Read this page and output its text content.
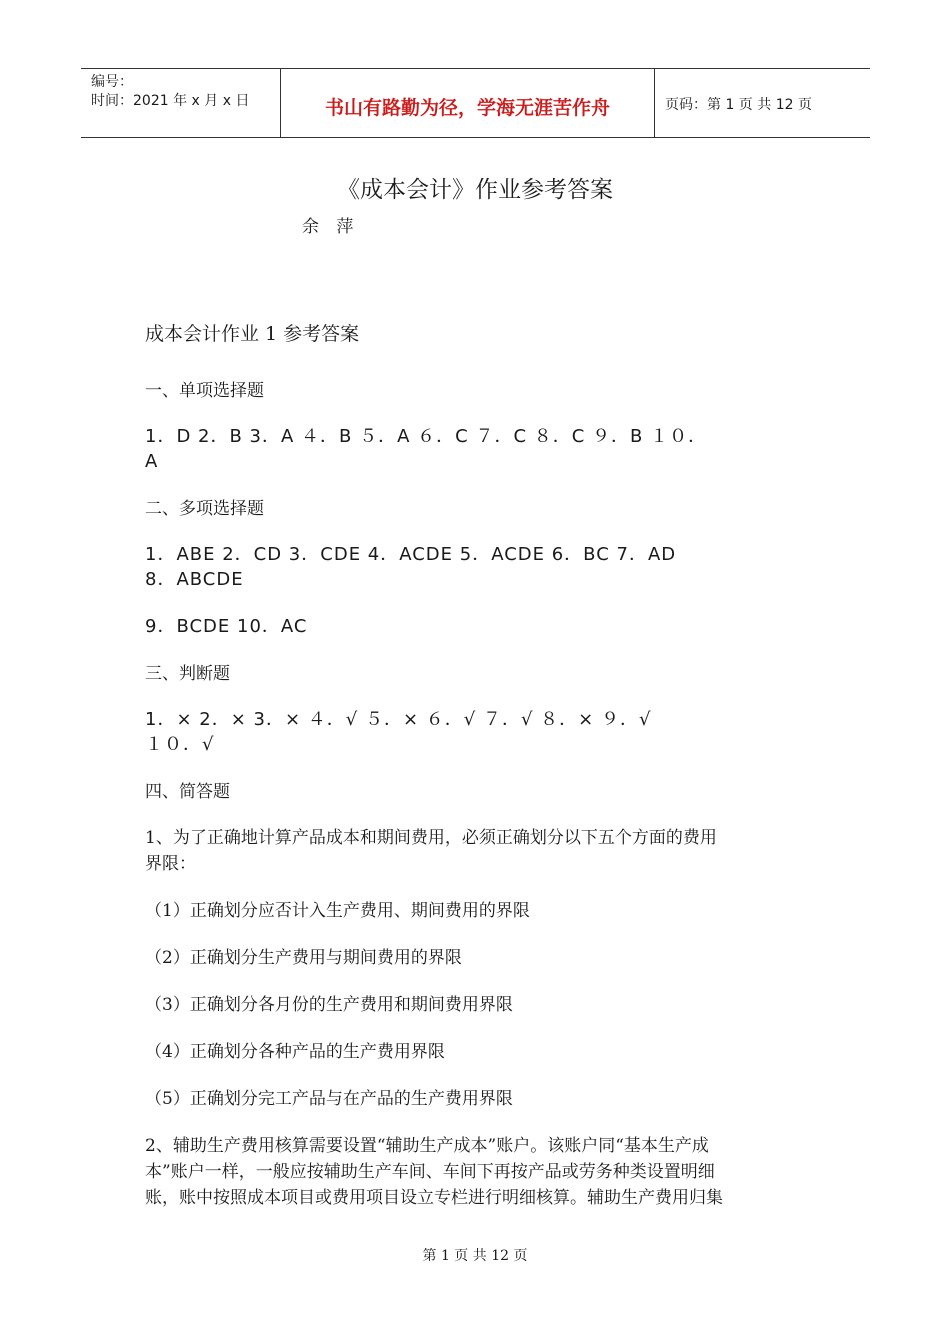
编号：
时间：2021 年 x 月 x 日	书山有路勤为径，学海无涯苦作舟	页码：第 1 页 共 12 页
《成本会计》作业参考答案
余 萍

成本会计作业 1 参考答案

一、单项选择题

1．D 2．B 3．A ４．B ５．A ６．C ７．C ８．C ９．B １０．

A

二、多项选择题

1．ABE 2．CD 3．CDE 4．ACDE 5．ACDE 6．BC 7．AD

8．ABCDE

9．BCDE 10．AC

三、判断题

1．× 2．× 3．× ４．√ ５．× ６．√ ７．√ ８．× ９．√

１０．√

四、简答题

1、为了正确地计算产品成本和期间费用，必须正确划分以下五个方面的费用

界限：

（1）正确划分应否计入生产费用、期间费用的界限

（2）正确划分生产费用与期间费用的界限

（3）正确划分各月份的生产费用和期间费用界限

（4）正确划分各种产品的生产费用界限

（5）正确划分完工产品与在产品的生产费用界限

2、辅助生产费用核算需要设置“辅助生产成本”账户。该账户同“基本生产成

本”账户一样，一般应按辅助生产车间、车间下再按产品或劳务种类设置明细

账，账中按照成本项目或费用项目设立专栏进行明细核算。辅助生产费用归集

第 1 页 共 12 页
